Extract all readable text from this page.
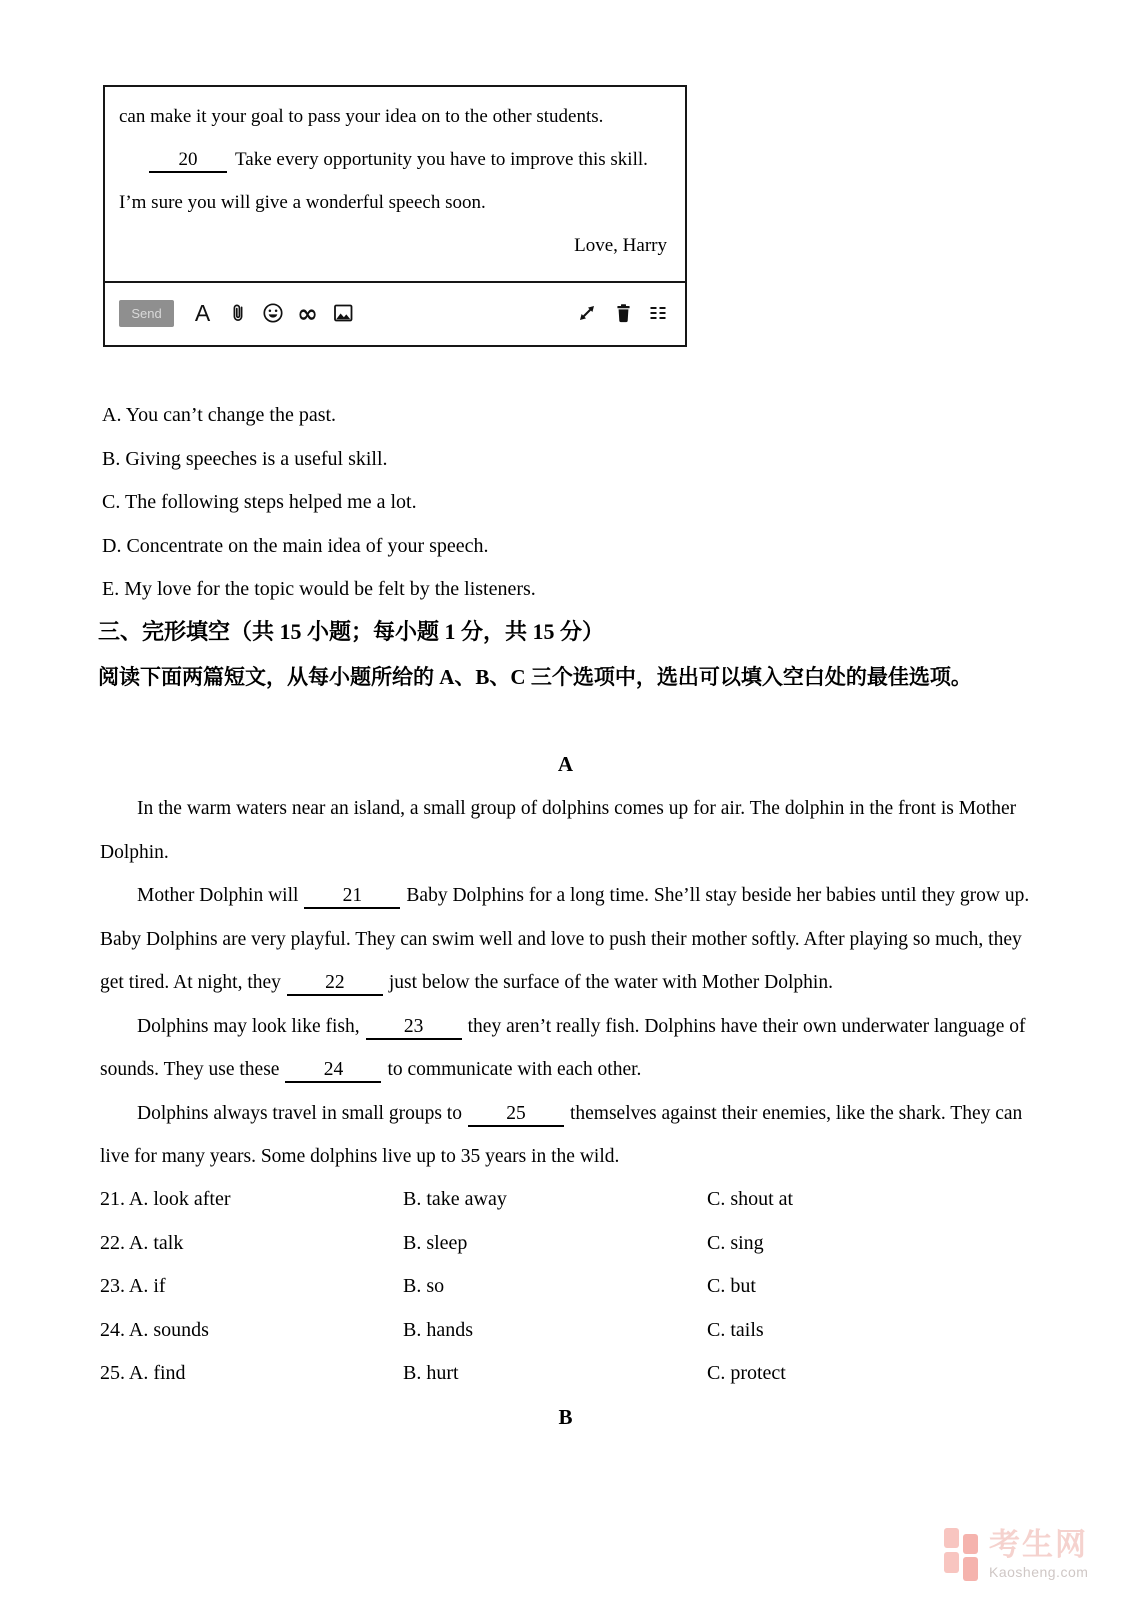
can make it your goal to pass your idea on to the other students.
20 Take every opportunity you have to improve this skill.
I’m sure you will give a wonderful speech soon.
Love, Harry
Send	A	∞
A. You can’t change the past.
B. Giving speeches is a useful skill.
C. The following steps helped me a lot.
D. Concentrate on the main idea of your speech.
E. My love for the topic would be felt by the listeners.
三、完形填空（共 15 小题；每小题 1 分，共 15 分）
阅读下面两篇短文，从每小题所给的 A、B、C 三个选项中，选出可以填入空白处的最佳选项。
A

In the warm waters near an island, a small group of dolphins comes up for air. The dolphin in the front is Mother Dolphin.

Mother Dolphin will 21 Baby Dolphins for a long time. She’ll stay beside her babies until they grow up. Baby Dolphins are very playful. They can swim well and love to push their mother softly. After playing so much, they get tired. At night, they 22 just below the surface of the water with Mother Dolphin.

Dolphins may look like fish, 23 they aren’t really fish. Dolphins have their own underwater language of sounds. They use these 24 to communicate with each other.

Dolphins always travel in small groups to 25 themselves against their enemies, like the shark. They can live for many years. Some dolphins live up to 35 years in the wild.

21. A. look after	B. take away	C. shout at
22. A. talk	B. sleep	C. sing
23. A. if	B. so	C. but
24. A. sounds	B. hands	C. tails
25. A. find	B. hurt	C. protect
B
考生网
Kaosheng.com
